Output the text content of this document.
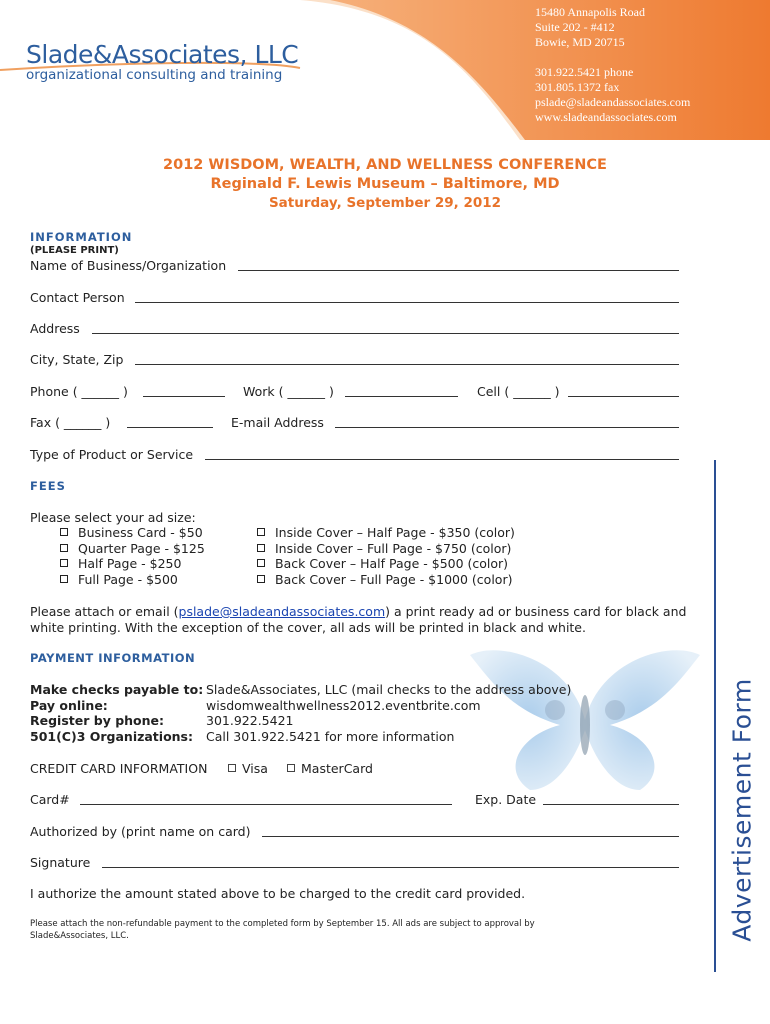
Slade&Associates, LLC
organizational consulting and training
15480 Annapolis Road
Suite 202 - #412
Bowie, MD 20715
301.922.5421 phone
301.805.1372 fax
pslade@sladeandassociates.com
www.sladeandassociates.com
2012 WISDOM, WEALTH, AND WELLNESS CONFERENCE
Reginald F. Lewis Museum – Baltimore, MD
Saturday, September 29, 2012
INFORMATION
(PLEASE PRINT)
Name of Business/Organization
Contact Person
Address
City, State, Zip
Phone ( ______ )	Work ( ______ )	Cell ( ______ )
Fax ( ______ )	E-mail Address
Type of Product or Service
FEES
Please select your ad size:
Business Card - $50
Quarter Page - $125
Half Page - $250
Full Page - $500
Inside Cover – Half Page - $350 (color)
Inside Cover – Full Page - $750 (color)
Back Cover – Half Page - $500 (color)
Back Cover – Full Page - $1000 (color)
Please attach or email (pslade@sladeandassociates.com) a print ready ad or business card for black and
white printing. With the exception of the cover, all ads will be printed in black and white.
PAYMENT INFORMATION
Make checks payable to: Slade&Associates, LLC (mail checks to the address above)
Pay online:	wisdomwealthwellness2012.eventbrite.com
Register by phone:	301.922.5421
501(C)3 Organizations: Call 301.922.5421 for more information
CREDIT CARD INFORMATION	Visa	MasterCard
Card#	Exp. Date
Authorized by (print name on card)
Signature
I authorize the amount stated above to be charged to the credit card provided.
Please attach the non-refundable payment to the completed form by September 15. All ads are subject to approval by
Slade&Associates, LLC.	Advertisement Form
